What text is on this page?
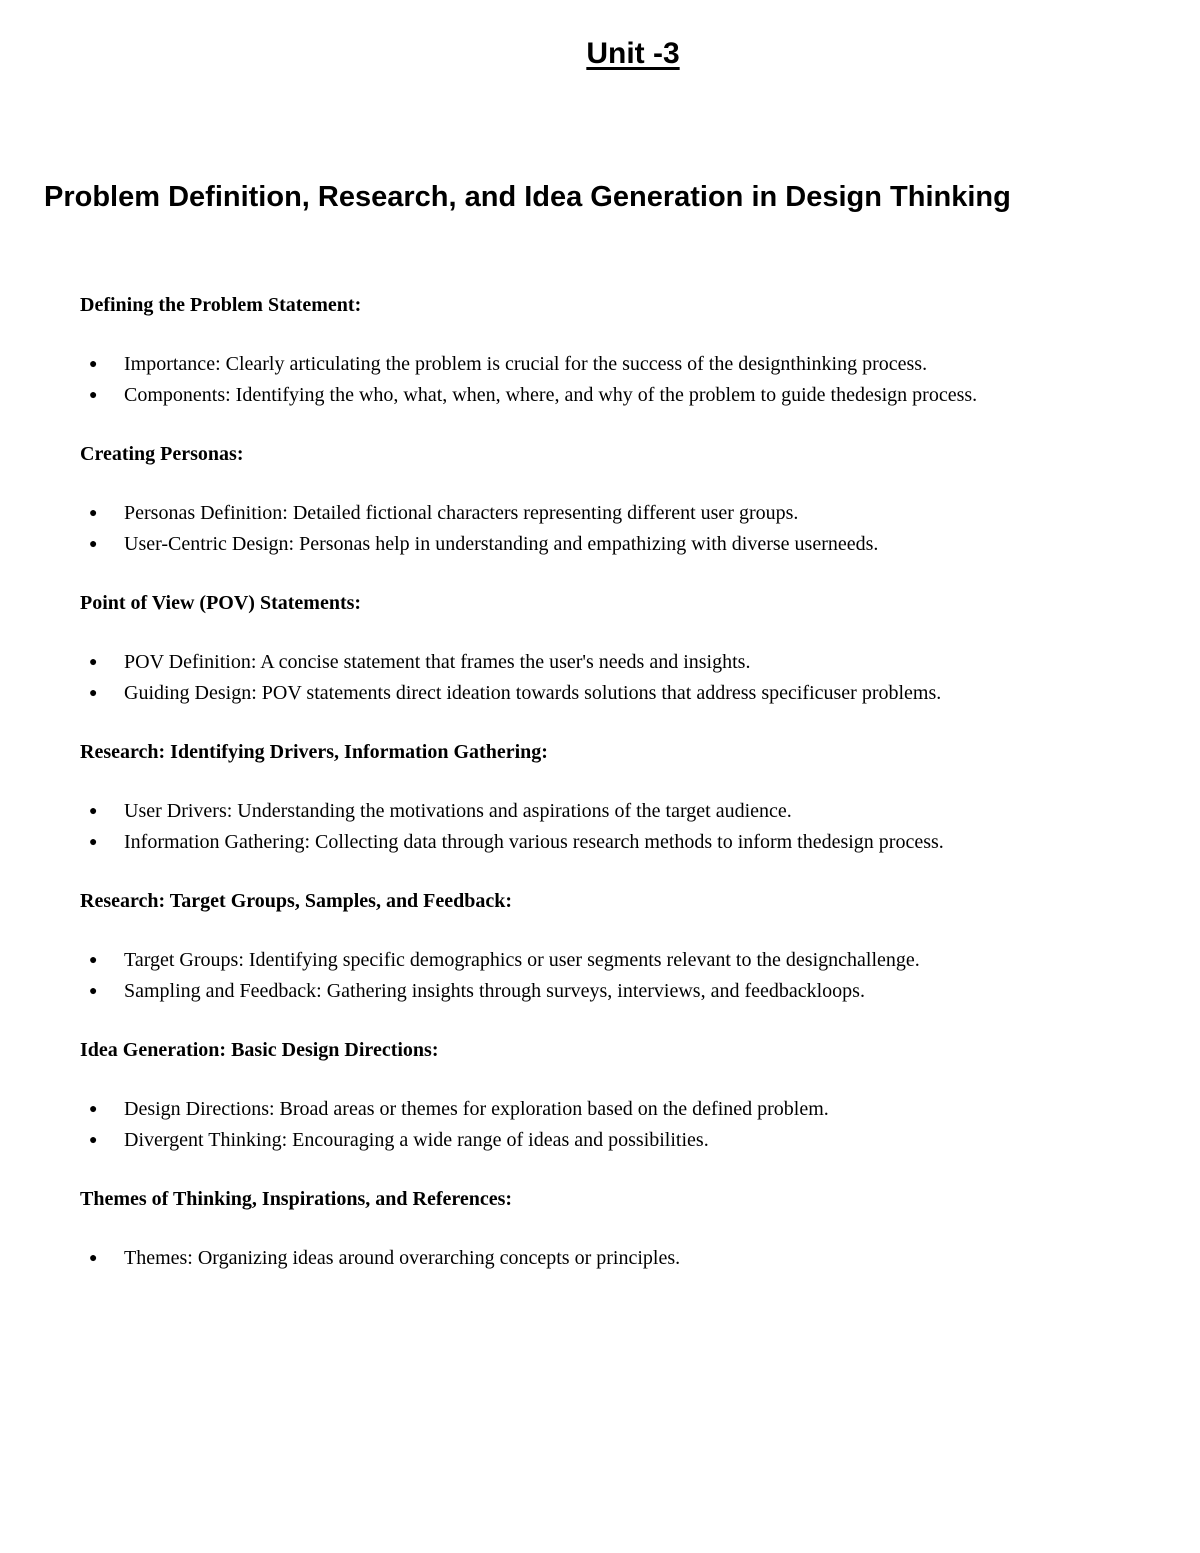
Unit -3
Problem Definition, Research, and Idea Generation in Design Thinking
Defining the Problem Statement:
● Importance: Clearly articulating the problem is crucial for the success of the designthinking process.
● Components: Identifying the who, what, when, where, and why of the problem to guide thedesign process.
Creating Personas:
● Personas Definition: Detailed fictional characters representing different user groups.
● User-Centric Design: Personas help in understanding and empathizing with diverse userneeds.
Point of View (POV) Statements:
● POV Definition: A concise statement that frames the user's needs and insights.
● Guiding Design: POV statements direct ideation towards solutions that address specificuser problems.
Research: Identifying Drivers, Information Gathering:
● User Drivers: Understanding the motivations and aspirations of the target audience.
● Information Gathering: Collecting data through various research methods to inform thedesign process.
Research: Target Groups, Samples, and Feedback:
● Target Groups: Identifying specific demographics or user segments relevant to the designchallenge.
● Sampling and Feedback: Gathering insights through surveys, interviews, and feedbackloops.
Idea Generation: Basic Design Directions:
● Design Directions: Broad areas or themes for exploration based on the defined problem.
● Divergent Thinking: Encouraging a wide range of ideas and possibilities.
Themes of Thinking, Inspirations, and References:
● Themes: Organizing ideas around overarching concepts or principles.
